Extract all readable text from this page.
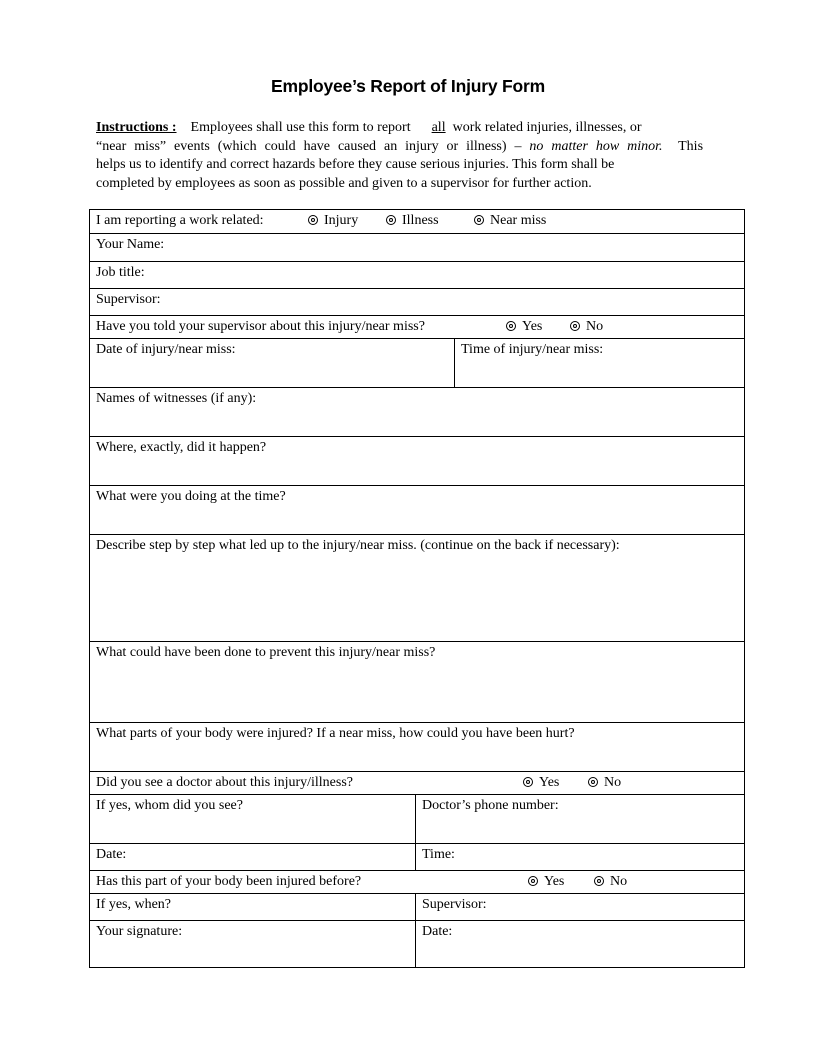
Employee’s Report of Injury Form
Instructions : Employees shall use this form to report all work related injuries, illnesses, or
“near miss” events (which could have caused an injury or illness) – no matter how minor. This
helps us to identify and correct hazards before they cause serious injuries. This form shall be
completed by employees as soon as possible and given to a supervisor for further action.
I am reporting a work related:	Injury	Illness	Near miss
Your Name:
Job title:
Supervisor:
Have you told your supervisor about this injury/near miss?	Yes	No
Date of injury/near miss:	Time of injury/near miss:
Names of witnesses (if any):
Where, exactly, did it happen?
What were you doing at the time?
Describe step by step what led up to the injury/near miss. (continue on the back if necessary):
What could have been done to prevent this injury/near miss?
What parts of your body were injured? If a near miss, how could you have been hurt?
Did you see a doctor about this injury/illness?	Yes	No
If yes, whom did you see?	Doctor’s phone number:
Date:	Time:
Has this part of your body been injured before?	Yes	No
If yes, when?	Supervisor:
Your signature:	Date:
